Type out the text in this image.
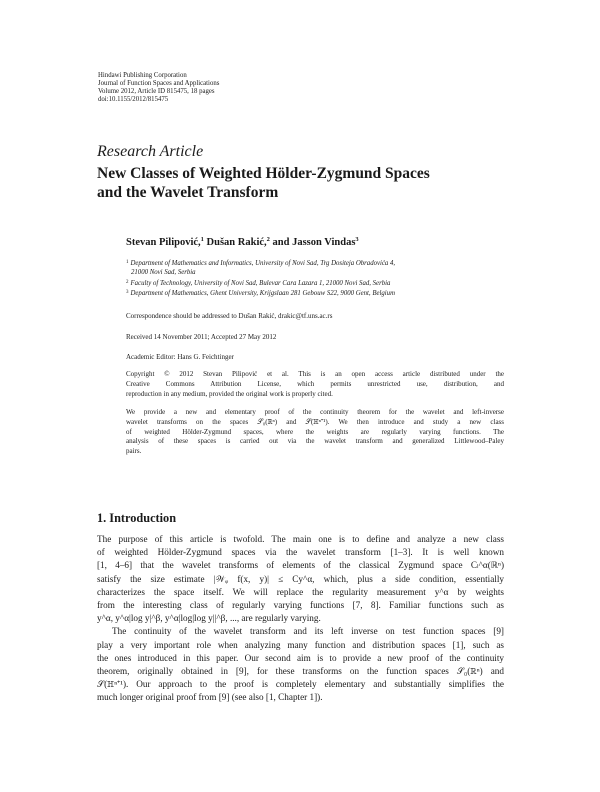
Hindawi Publishing Corporation
Journal of Function Spaces and Applications
Volume 2012, Article ID 815475, 18 pages
doi:10.1155/2012/815475
Research Article
New Classes of Weighted Hölder-Zygmund Spaces
and the Wavelet Transform
Stevan Pilipović,$^1$ Dušan Rakić,$^2$ and Jasson Vindas$^3$
$^1$ Department of Mathematics and Informatics, University of Novi Sad, Trg Dositeja Obradovića 4,
21000 Novi Sad, Serbia
$^2$ Faculty of Technology, University of Novi Sad, Bulevar Cara Lazara 1, 21000 Novi Sad, Serbia
$^3$ Department of Mathematics, Ghent University, Krijgslaan 281 Gebouw S22, 9000 Gent, Belgium
Correspondence should be addressed to Dušan Rakić, drakic@tf.uns.ac.rs
Received 14 November 2011; Accepted 27 May 2012
Academic Editor: Hans G. Feichtinger
Copyright © 2012 Stevan Pilipović et al. This is an open access article distributed under the
Creative Commons Attribution License, which permits unrestricted use, distribution, and
reproduction in any medium, provided the original work is properly cited.
We provide a new and elementary proof of the continuity theorem for the wavelet and left-inverse
wavelet transforms on the spaces 𝒮₀(ℝⁿ) and 𝒮(ℍⁿ⁺¹). We then introduce and study a new class
of weighted Hölder-Zygmund spaces, where the weights are regularly varying functions. The
analysis of these spaces is carried out via the wavelet transform and generalized Littlewood–Paley
pairs.
1. Introduction
The purpose of this article is twofold. The main one is to define and analyze a new class
of weighted Hölder-Zygmund spaces via the wavelet transform [1–3]. It is well known
[1, 4–6] that the wavelet transforms of elements of the classical Zygmund space Cₗ^α(ℝⁿ)
satisfy the size estimate |𝒲ᵩ f(x, y)| ≤ Cy^α, which, plus a side condition, essentially
characterizes the space itself. We will replace the regularity measurement y^α by weights
from the interesting class of regularly varying functions [7, 8]. Familiar functions such as
y^α, y^α|log y|^β, y^α|log|log y||^β, ..., are regularly varying.
The continuity of the wavelet transform and its left inverse on test function spaces [9]
play a very important role when analyzing many function and distribution spaces [1], such as
the ones introduced in this paper. Our second aim is to provide a new proof of the continuity
theorem, originally obtained in [9], for these transforms on the function spaces 𝒮₀(ℝⁿ) and
𝒮(ℍⁿ⁺¹). Our approach to the proof is completely elementary and substantially simplifies the
much longer original proof from [9] (see also [1, Chapter 1]).
